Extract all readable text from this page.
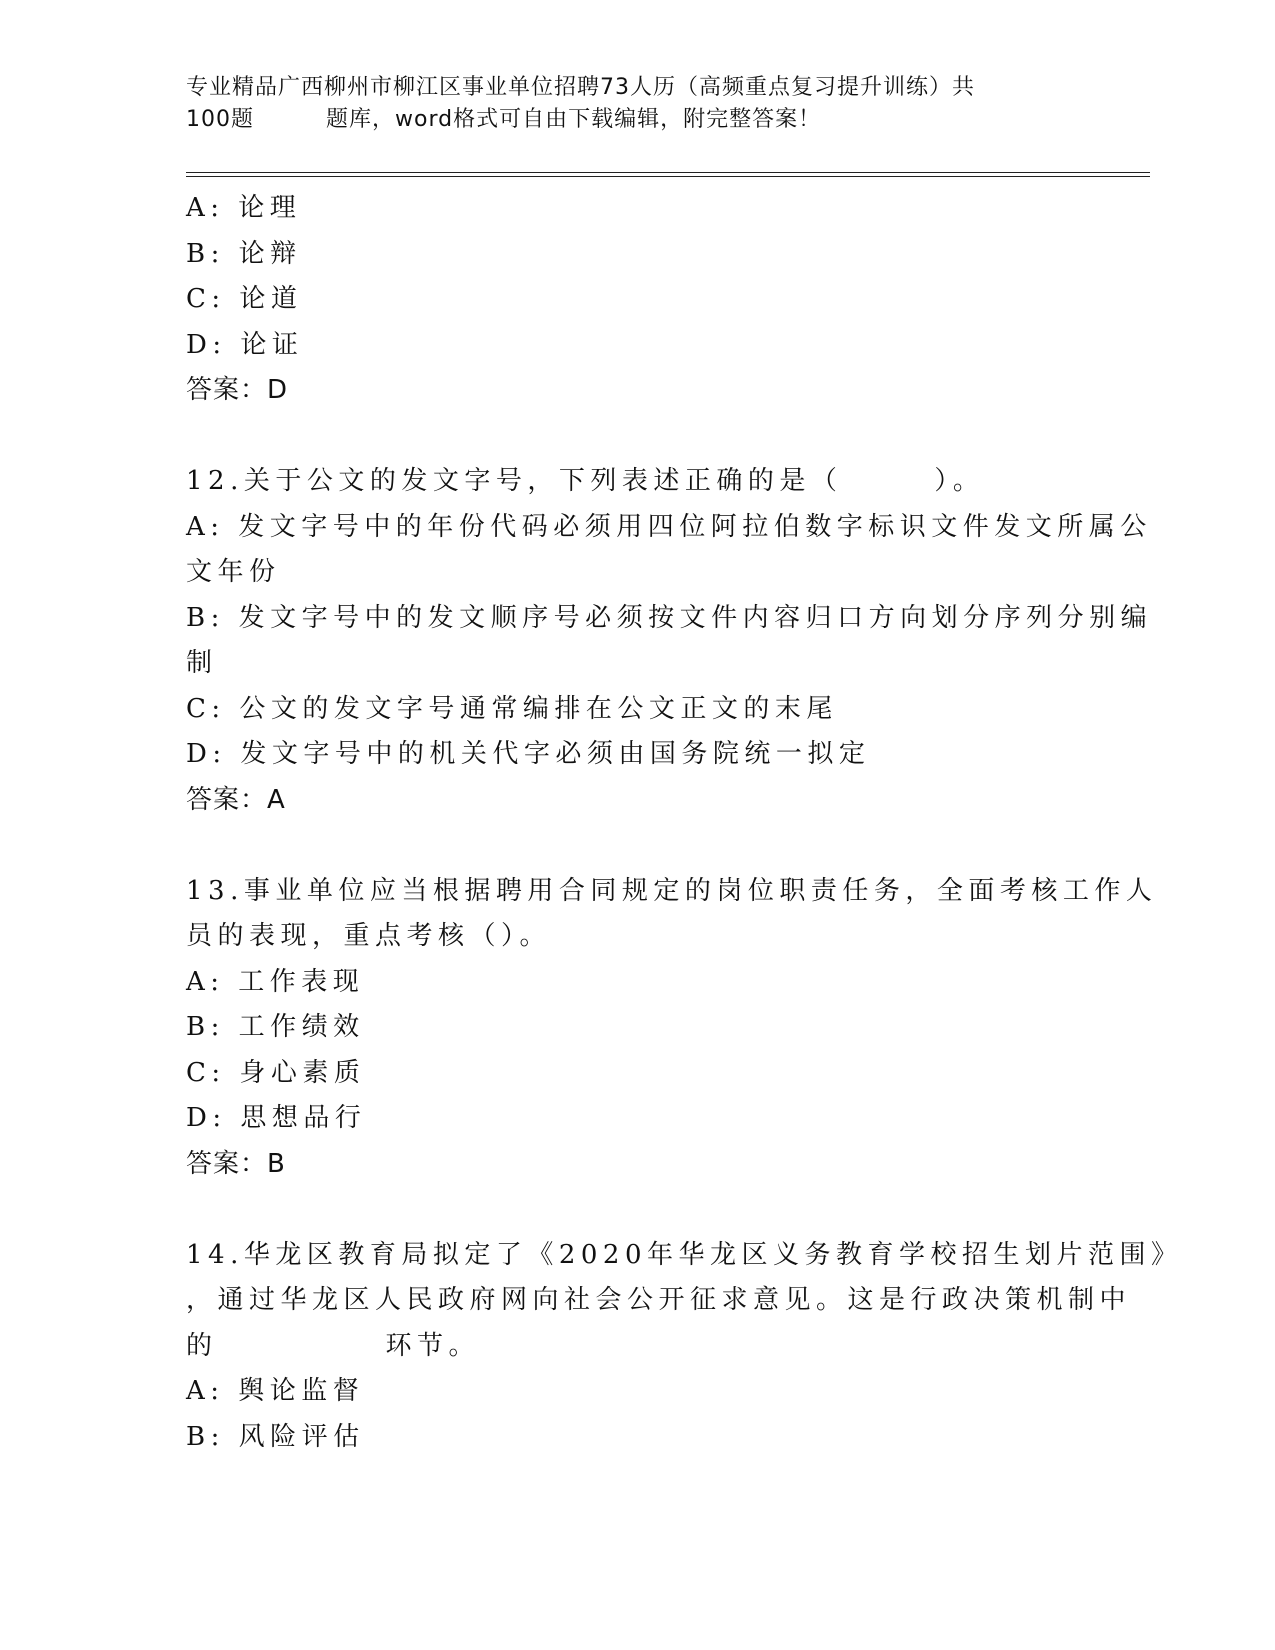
专业精品广西柳州市柳江区事业单位招聘73人历（高频重点复习提升训练）共
100题	题库，word格式可自由下载编辑，附完整答案！
A: 论理
B: 论辩
C: 论道
D: 论证
答案：D
12.关于公文的发文字号，下列表述正确的是（	）。
A: 发文字号中的年份代码必须用四位阿拉伯数字标识文件发文所属公
文年份
B: 发文字号中的发文顺序号必须按文件内容归口方向划分序列分别编
制
C: 公文的发文字号通常编排在公文正文的末尾
D: 发文字号中的机关代字必须由国务院统一拟定
答案：A
13.事业单位应当根据聘用合同规定的岗位职责任务，全面考核工作人
员的表现，重点考核（）。
A: 工作表现
B: 工作绩效
C: 身心素质
D: 思想品行
答案：B
14.华龙区教育局拟定了《2020年华龙区义务教育学校招生划片范围》
，通过华龙区人民政府网向社会公开征求意见。这是行政决策机制中
的	环节。
A: 舆论监督
B: 风险评估
